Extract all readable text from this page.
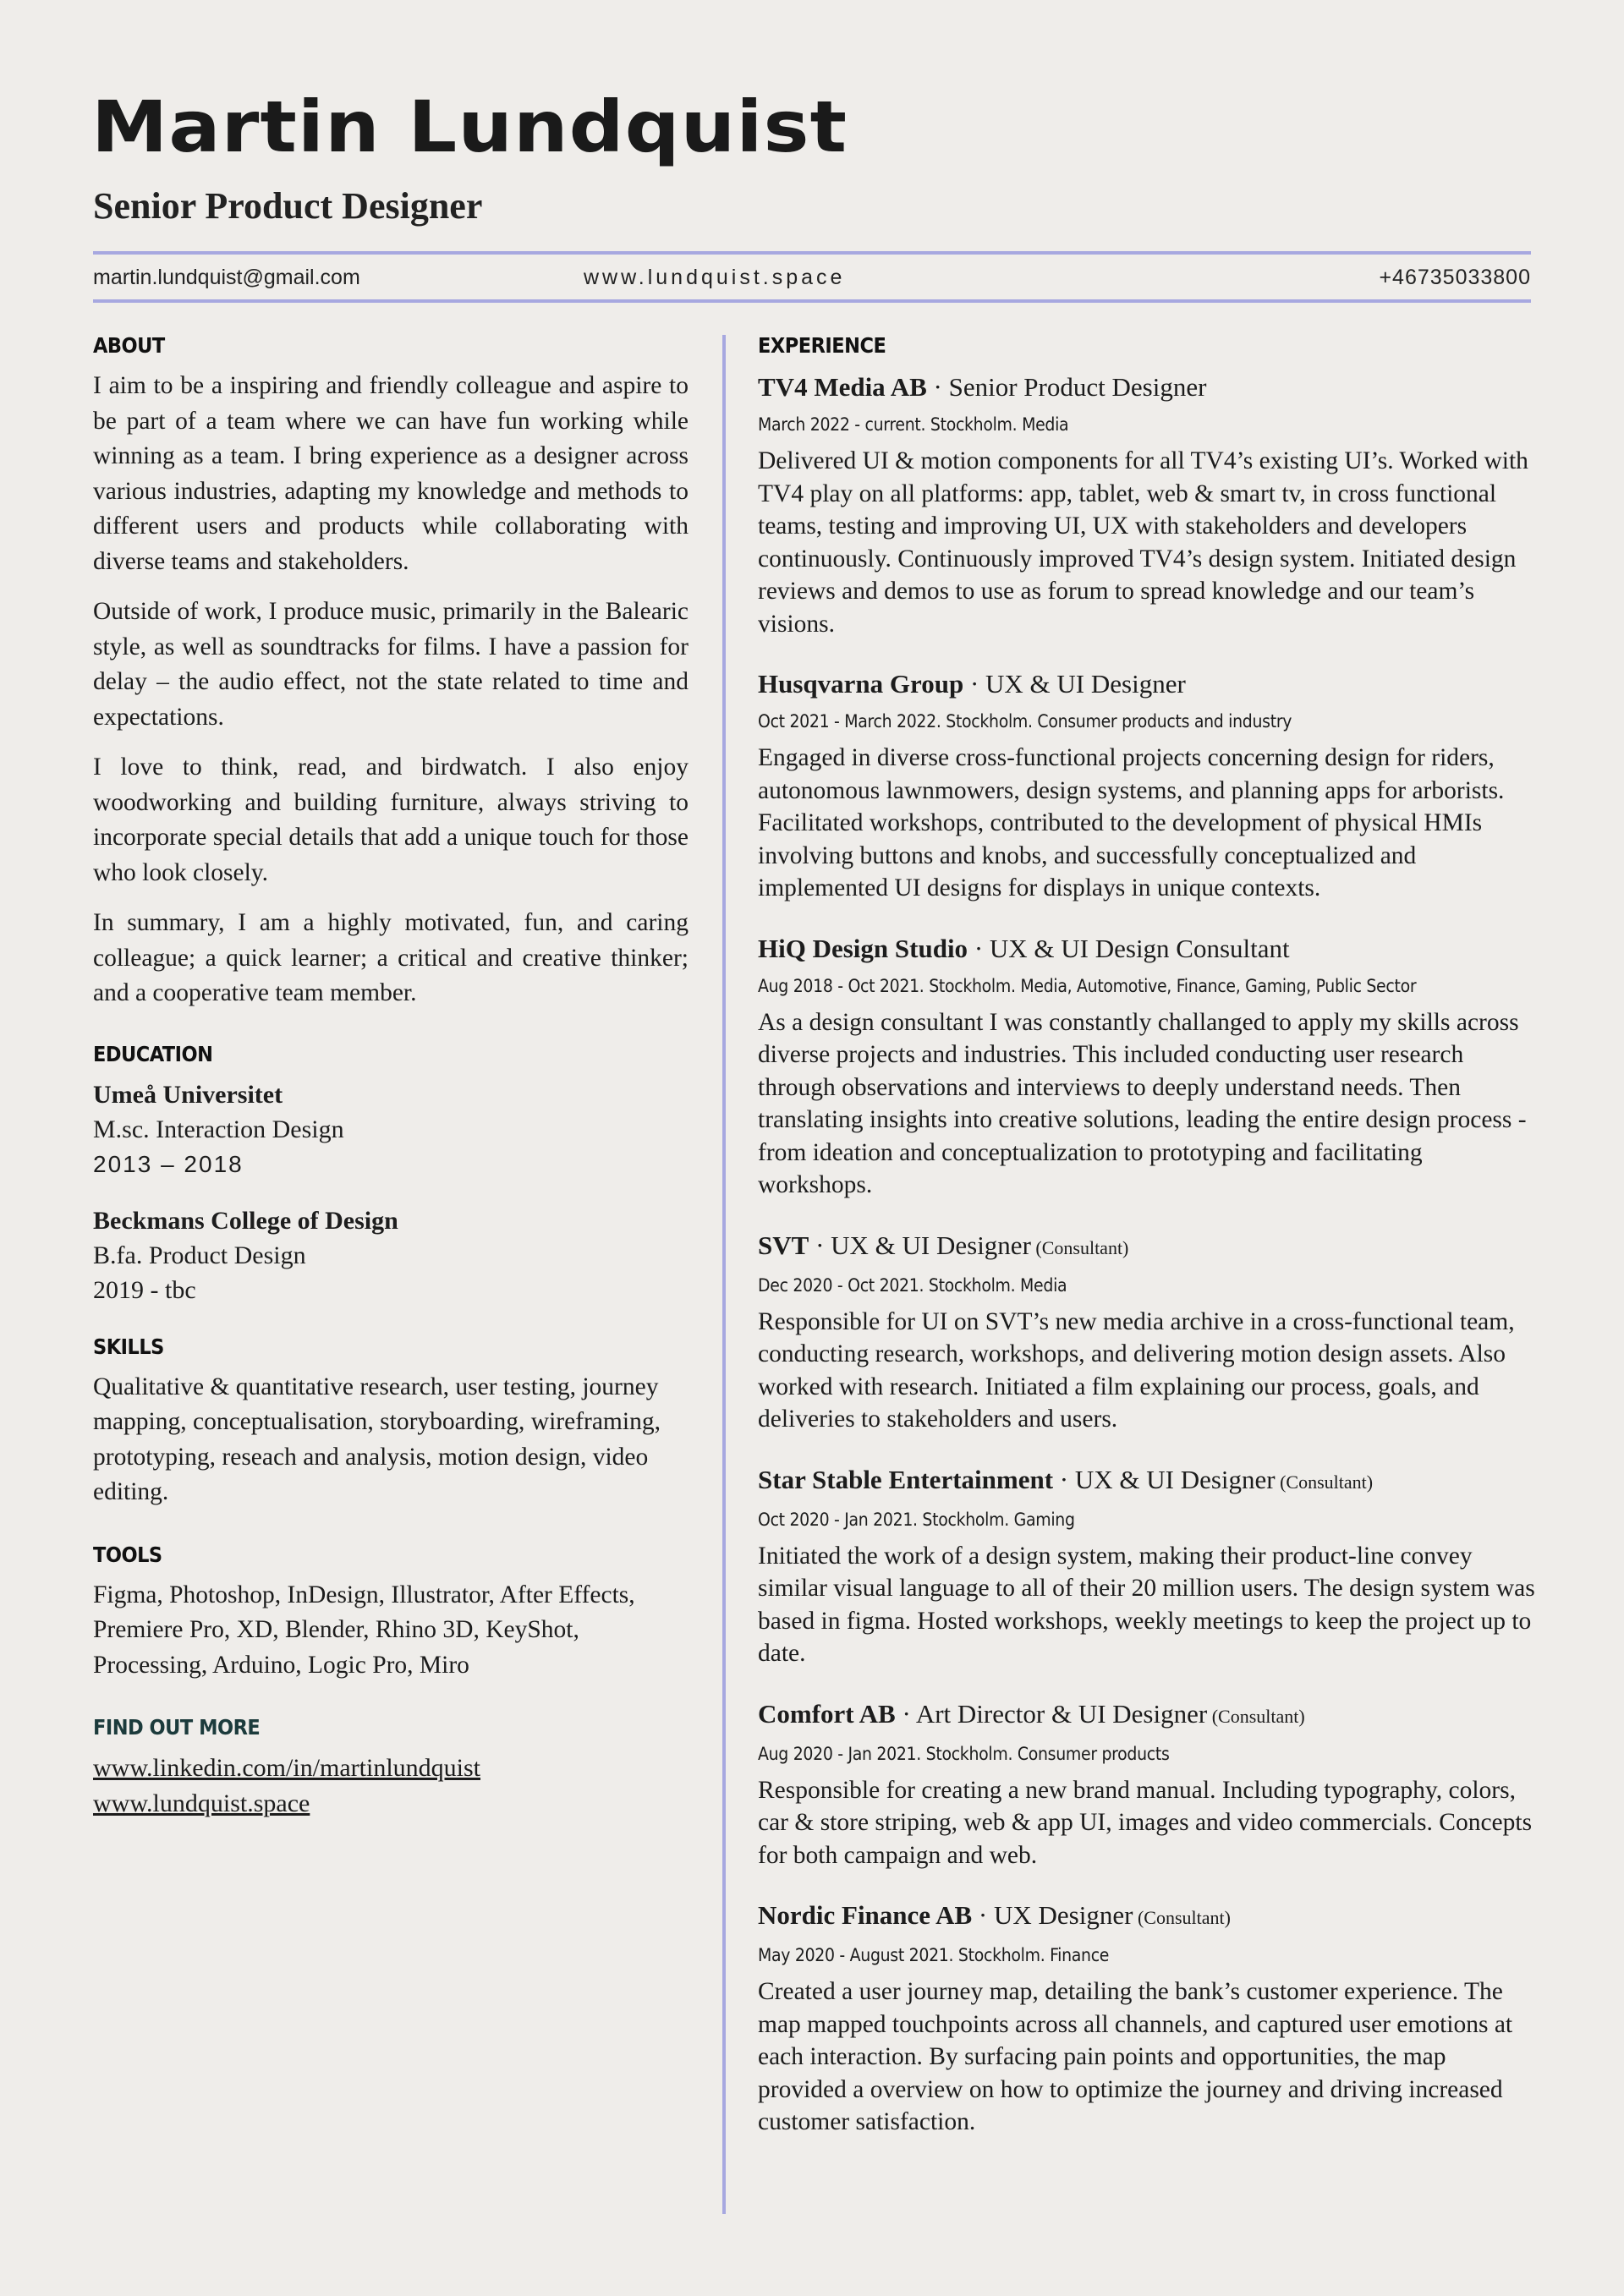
Martin Lundquist
Senior Product Designer
martin.lundquist@gmail.com	www.lundquist.space	+46735033800
ABOUT

I aim to be a inspiring and friendly colleague and aspire to be part of a team where we can have fun working while winning as a team. I bring experience as a designer across various industries, adapting my knowledge and methods to different users and products while collaborating with diverse teams and stakeholders.

Outside of work, I produce music, primarily in the Balearic style, as well as soundtracks for films. I have a passion for delay – the audio effect, not the state related to time and expectations.

I love to think, read, and birdwatch. I also enjoy woodworking and building furniture, always striving to incorporate special details that add a unique touch for those who look closely.

In summary, I am a highly motivated, fun, and caring colleague; a quick learner; a critical and creative thinker; and a cooperative team member.

EDUCATION
Umeå Universitet
M.sc. Interaction Design
2013 – 2018
Beckmans College of Design
B.fa. Product Design
2019 - tbc
SKILLS

Qualitative & quantitative research, user testing, journey mapping, conceptualisation, storyboarding, wireframing, prototyping, reseach and analysis, motion design, video editing.

TOOLS

Figma, Photoshop, InDesign, Illustrator, After Effects, Premiere Pro, XD, Blender, Rhino 3D, KeyShot, Processing, Arduino, Logic Pro, Miro

FIND OUT MORE
www.linkedin.com/in/martinlundquist
www.lundquist.space
EXPERIENCE
TV4 Media AB · Senior Product Designer
March 2022 - current. Stockholm. Media

Delivered UI & motion components for all TV4’s existing UI’s. Worked with TV4 play on all platforms: app, tablet, web & smart tv, in cross functional teams, testing and improving UI, UX with stakeholders and developers continuously. Continuously improved TV4’s design system. Initiated design reviews and demos to use as forum to spread knowledge and our team’s visions.

Husqvarna Group · UX & UI Designer
Oct 2021 - March 2022. Stockholm. Consumer products and industry

Engaged in diverse cross-functional projects concerning design for riders, autonomous lawnmowers, design systems, and planning apps for arborists. Facilitated workshops, contributed to the development of physical HMIs involving buttons and knobs, and successfully conceptualized and implemented UI designs for displays in unique contexts.

HiQ Design Studio · UX & UI Design Consultant
Aug 2018 - Oct 2021. Stockholm. Media, Automotive, Finance, Gaming, Public Sector

As a design consultant I was constantly challanged to apply my skills across diverse projects and industries. This included conducting user research through observations and interviews to deeply understand needs. Then translating insights into creative solutions, leading the entire design process - from ideation and conceptualization to prototyping and facilitating workshops.

SVT · UX & UI Designer (Consultant)
Dec 2020 - Oct 2021. Stockholm. Media

Responsible for UI on SVT’s new media archive in a cross-functional team, conducting research, workshops, and delivering motion design assets. Also worked with research. Initiated a film explaining our process, goals, and deliveries to stakeholders and users.

Star Stable Entertainment · UX & UI Designer (Consultant)
Oct 2020 - Jan 2021. Stockholm. Gaming

Initiated the work of a design system, making their product-line convey similar visual language to all of their 20 million users. The design system was based in figma. Hosted workshops, weekly meetings to keep the project up to date.

Comfort AB · Art Director & UI Designer (Consultant)
Aug 2020 - Jan 2021. Stockholm. Consumer products

Responsible for creating a new brand manual. Including typography, colors, car & store striping, web & app UI, images and video commercials. Concepts for both campaign and web.

Nordic Finance AB · UX Designer (Consultant)
May 2020 - August 2021. Stockholm. Finance

Created a user journey map, detailing the bank’s customer experience. The map mapped touchpoints across all channels, and captured user emotions at each interaction. By surfacing pain points and opportunities, the map provided a overview on how to optimize the journey and driving increased customer satisfaction.
